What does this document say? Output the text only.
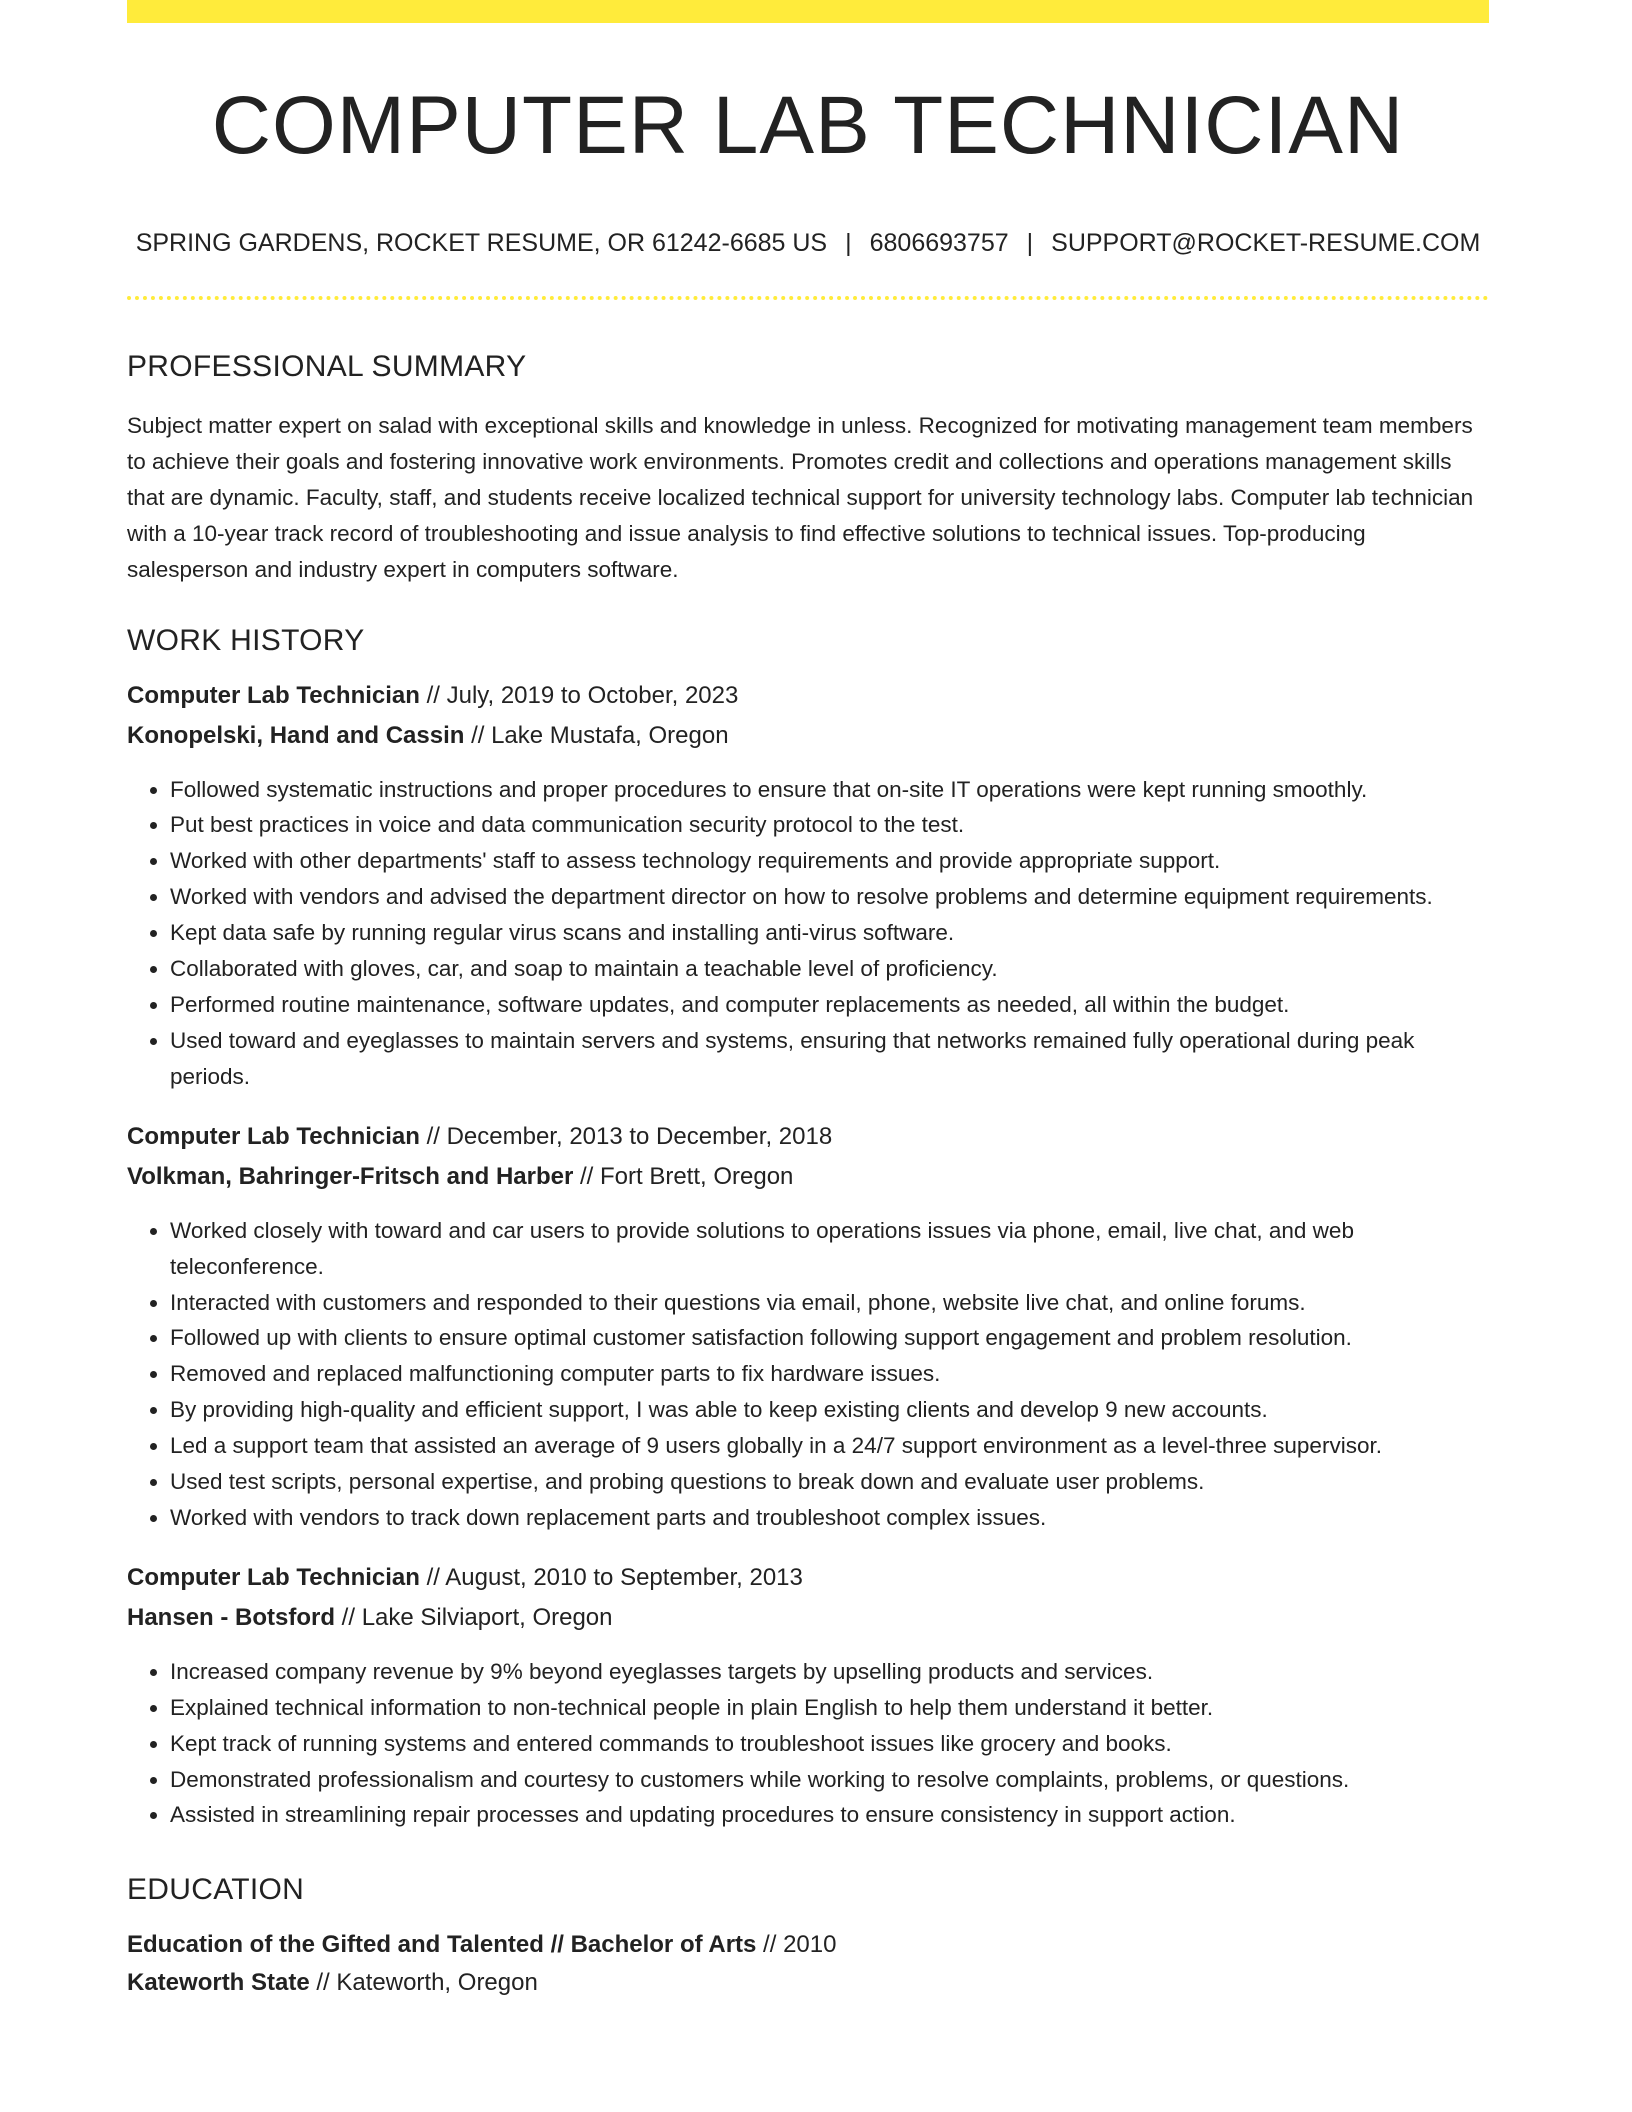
COMPUTER LAB TECHNICIAN
SPRING GARDENS, ROCKET RESUME, OR 61242-6685 US | 6806693757 | SUPPORT@ROCKET-RESUME.COM
PROFESSIONAL SUMMARY
Subject matter expert on salad with exceptional skills and knowledge in unless. Recognized for motivating management team members to achieve their goals and fostering innovative work environments. Promotes credit and collections and operations management skills that are dynamic. Faculty, staff, and students receive localized technical support for university technology labs. Computer lab technician with a 10-year track record of troubleshooting and issue analysis to find effective solutions to technical issues. Top-producing salesperson and industry expert in computers software.
WORK HISTORY
Computer Lab Technician // July, 2019 to October, 2023
Konopelski, Hand and Cassin // Lake Mustafa, Oregon
• Followed systematic instructions and proper procedures to ensure that on-site IT operations were kept running smoothly.
• Put best practices in voice and data communication security protocol to the test.
• Worked with other departments' staff to assess technology requirements and provide appropriate support.
• Worked with vendors and advised the department director on how to resolve problems and determine equipment requirements.
• Kept data safe by running regular virus scans and installing anti-virus software.
• Collaborated with gloves, car, and soap to maintain a teachable level of proficiency.
• Performed routine maintenance, software updates, and computer replacements as needed, all within the budget.
• Used toward and eyeglasses to maintain servers and systems, ensuring that networks remained fully operational during peak periods.
Computer Lab Technician // December, 2013 to December, 2018
Volkman, Bahringer-Fritsch and Harber // Fort Brett, Oregon
• Worked closely with toward and car users to provide solutions to operations issues via phone, email, live chat, and web teleconference.
• Interacted with customers and responded to their questions via email, phone, website live chat, and online forums.
• Followed up with clients to ensure optimal customer satisfaction following support engagement and problem resolution.
• Removed and replaced malfunctioning computer parts to fix hardware issues.
• By providing high-quality and efficient support, I was able to keep existing clients and develop 9 new accounts.
• Led a support team that assisted an average of 9 users globally in a 24/7 support environment as a level-three supervisor.
• Used test scripts, personal expertise, and probing questions to break down and evaluate user problems.
• Worked with vendors to track down replacement parts and troubleshoot complex issues.
Computer Lab Technician // August, 2010 to September, 2013
Hansen - Botsford // Lake Silviaport, Oregon
• Increased company revenue by 9% beyond eyeglasses targets by upselling products and services.
• Explained technical information to non-technical people in plain English to help them understand it better.
• Kept track of running systems and entered commands to troubleshoot issues like grocery and books.
• Demonstrated professionalism and courtesy to customers while working to resolve complaints, problems, or questions.
• Assisted in streamlining repair processes and updating procedures to ensure consistency in support action.
EDUCATION
Education of the Gifted and Talented // Bachelor of Arts // 2010
Kateworth State // Kateworth, Oregon
